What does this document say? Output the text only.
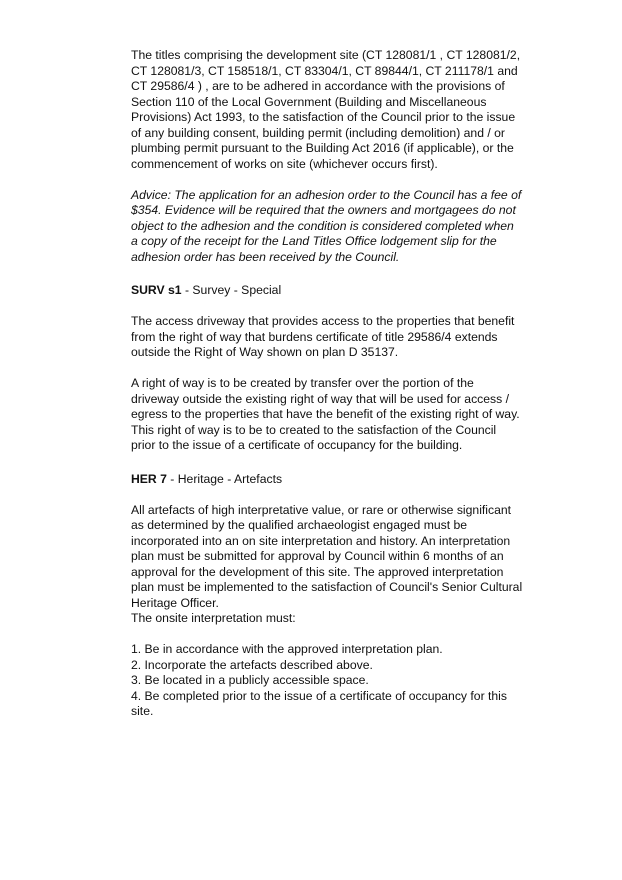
The titles comprising the development site (CT 128081/1 , CT 128081/2, CT 128081/3, CT 158518/1, CT 83304/1, CT 89844/1, CT 211178/1 and CT 29586/4 ) , are to be adhered in accordance with the provisions of Section 110 of the Local Government (Building and Miscellaneous Provisions) Act 1993, to the satisfaction of the Council prior to the issue of any building consent, building permit (including demolition) and / or plumbing permit pursuant to the Building Act 2016 (if applicable), or the commencement of works on site (whichever occurs first).

Advice: The application for an adhesion order to the Council has a fee of $354. Evidence will be required that the owners and mortgagees do not object to the adhesion and the condition is considered completed when a copy of the receipt for the Land Titles Office lodgement slip for the adhesion order has been received by the Council.

SURV s1 - Survey - Special

The access driveway that provides access to the properties that benefit from the right of way that burdens certificate of title 29586/4 extends outside the Right of Way shown on plan D 35137.

A right of way is to be created by transfer over the portion of the driveway outside the existing right of way that will be used for access / egress to the properties that have the benefit of the existing right of way. This right of way is to be to created to the satisfaction of the Council prior to the issue of a certificate of occupancy for the building.

HER 7 - Heritage - Artefacts

All artefacts of high interpretative value, or rare or otherwise significant as determined by the qualified archaeologist engaged must be incorporated into an on site interpretation and history. An interpretation plan must be submitted for approval by Council within 6 months of an approval for the development of this site. The approved interpretation plan must be implemented to the satisfaction of Council's Senior Cultural Heritage Officer.

The onsite interpretation must:

1. Be in accordance with the approved interpretation plan.
2. Incorporate the artefacts described above.
3. Be located in a publicly accessible space.
4. Be completed prior to the issue of a certificate of occupancy for this site.
